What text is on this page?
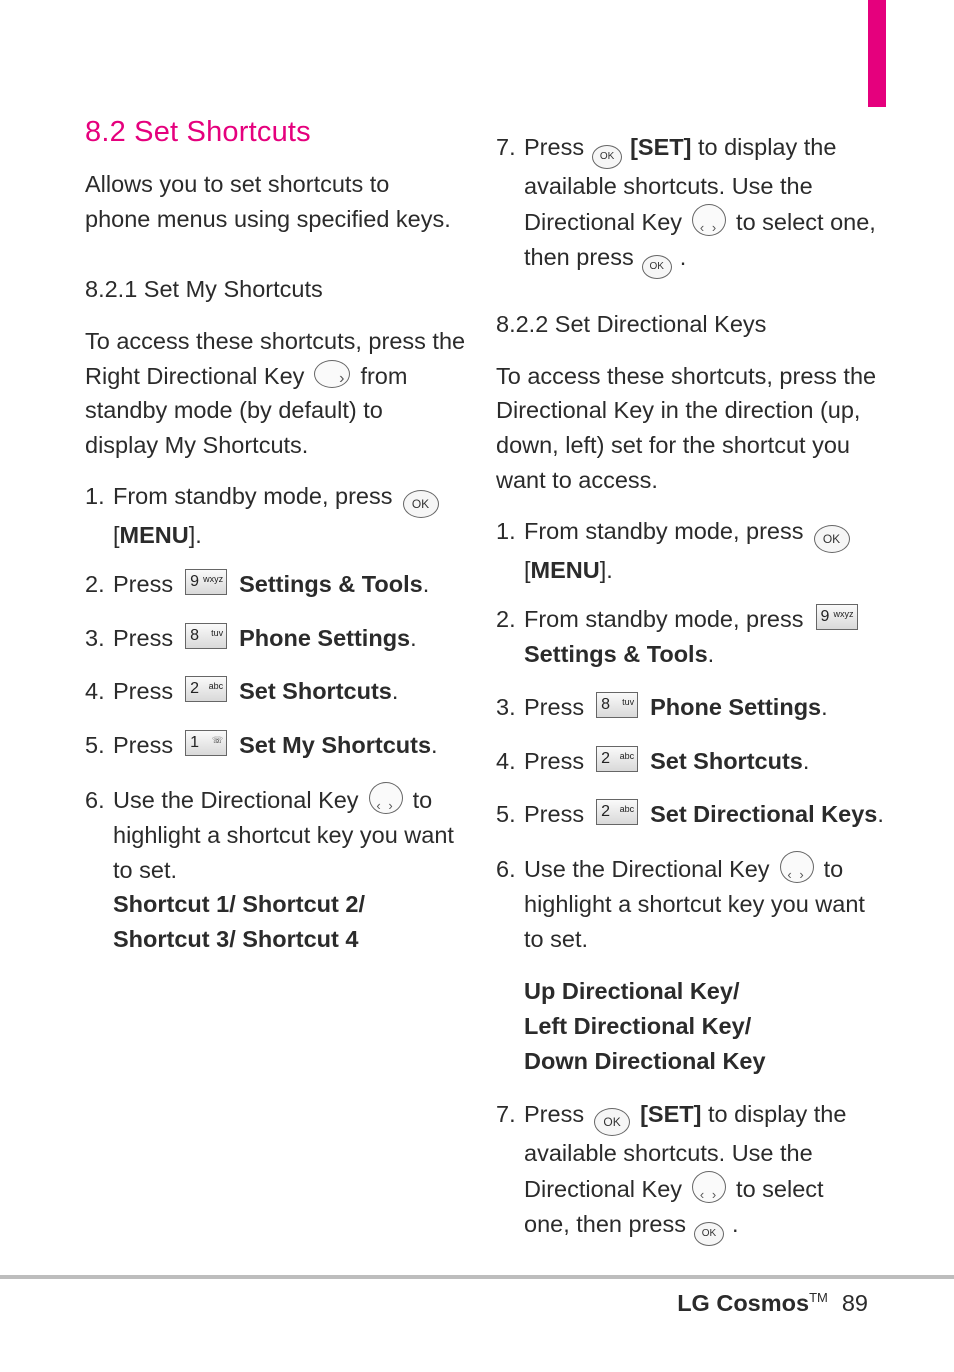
8.2 Set Shortcuts
Allows you to set shortcuts to
phone menus using specified keys.
8.2.1 Set My Shortcuts
To access these shortcuts, press the
Right Directional Key › from
standby mode (by default) to
display My Shortcuts.
1. From standby mode, press OK
[MENU].
2. Press 9 wxyz Settings & Tools.
3. Press 8 tuv Phone Settings.
4. Press 2 abc Set Shortcuts.
5. Press 1 ☏ Set My Shortcuts.
6. Use the Directional Key ‹ › to
highlight a shortcut key you want
to set.
Shortcut 1/ Shortcut 2/
Shortcut 3/ Shortcut 4
7. Press OK [SET] to display the
available shortcuts. Use the
Directional Key ‹ › to select one,
then press OK .
8.2.2 Set Directional Keys
To access these shortcuts, press the
Directional Key in the direction (up,
down, left) set for the shortcut you
want to access.
1. From standby mode, press OK
[MENU].
2. From standby mode, press 9 wxyz
Settings & Tools.
3. Press 8 tuv Phone Settings.
4. Press 2 abc Set Shortcuts.
5. Press 2 abc Set Directional Keys.
6. Use the Directional Key ‹ › to
highlight a shortcut key you want
to set.
Up Directional Key/
Left Directional Key/
Down Directional Key
7. Press OK [SET] to display the
available shortcuts. Use the
Directional Key ‹ › to select
one, then press OK .
LG Cosmos™ 89
